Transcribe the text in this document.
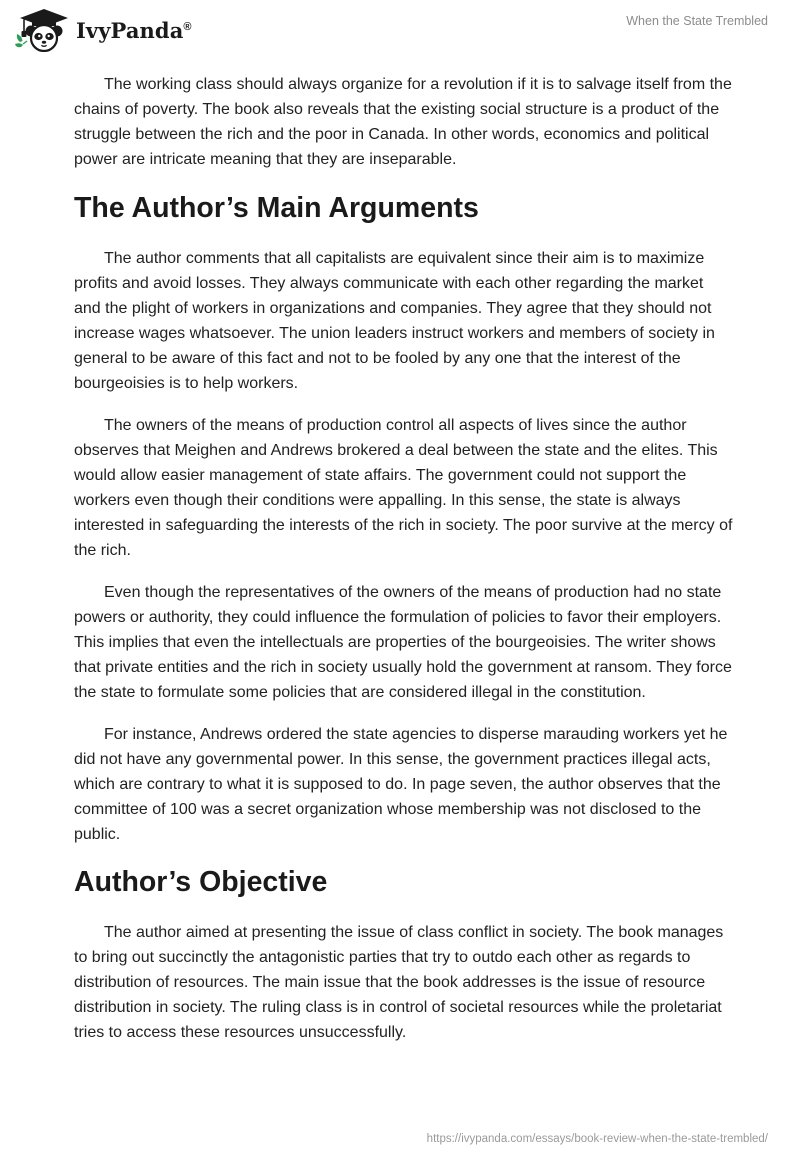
IvyPanda®	When the State Trembled

The working class should always organize for a revolution if it is to salvage itself from the chains of poverty. The book also reveals that the existing social structure is a product of the struggle between the rich and the poor in Canada. In other words, economics and political power are intricate meaning that they are inseparable.

The Author’s Main Arguments

The author comments that all capitalists are equivalent since their aim is to maximize profits and avoid losses. They always communicate with each other regarding the market and the plight of workers in organizations and companies. They agree that they should not increase wages whatsoever. The union leaders instruct workers and members of society in general to be aware of this fact and not to be fooled by any one that the interest of the bourgeoisies is to help workers.

The owners of the means of production control all aspects of lives since the author observes that Meighen and Andrews brokered a deal between the state and the elites. This would allow easier management of state affairs. The government could not support the workers even though their conditions were appalling. In this sense, the state is always interested in safeguarding the interests of the rich in society. The poor survive at the mercy of the rich.

Even though the representatives of the owners of the means of production had no state powers or authority, they could influence the formulation of policies to favor their employers. This implies that even the intellectuals are properties of the bourgeoisies. The writer shows that private entities and the rich in society usually hold the government at ransom. They force the state to formulate some policies that are considered illegal in the constitution.

For instance, Andrews ordered the state agencies to disperse marauding workers yet he did not have any governmental power. In this sense, the government practices illegal acts, which are contrary to what it is supposed to do. In page seven, the author observes that the committee of 100 was a secret organization whose membership was not disclosed to the public.

Author’s Objective

The author aimed at presenting the issue of class conflict in society. The book manages to bring out succinctly the antagonistic parties that try to outdo each other as regards to distribution of resources. The main issue that the book addresses is the issue of resource distribution in society. The ruling class is in control of societal resources while the proletariat tries to access these resources unsuccessfully.

https://ivypanda.com/essays/book-review-when-the-state-trembled/
